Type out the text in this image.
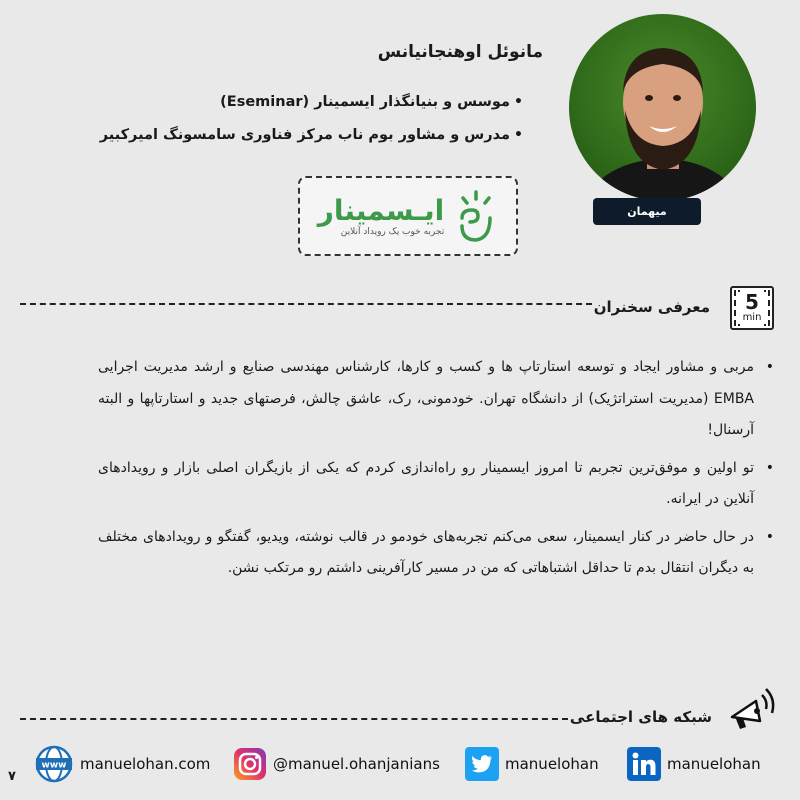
مانوئل اوهنجانیانس
• موسس و بنیانگذار ایسمینار (Eseminar)
• مدرس و مشاور بوم ناب مرکز فناوری سامسونگ امیرکبیر
ایـسمینار
تجربه خوب یک رویداد آنلاین
میهمان
معرفی سخنران 5
min
• مربی و مشاور ایجاد و توسعه استارتاپ ها و کسب و کارها، کارشناس مهندسی صنایع و ارشد مدیریت اجرایی EMBA (مدیریت استراتژیک) از دانشگاه تهران. خودمونی، رک، عاشق چالش، فرصتهای جدید و استارتاپها و البته آرسنال!
• تو اولین و موفق‌ترین تجربم تا امروز ایسمینار رو راه‌اندازی کردم که یکی از بازیگران اصلی بازار و رویدادهای آنلاین در ایرانه.
• در حال حاضر در کنار ایسمینار، سعی می‌کنم تجربه‌های خودمو در قالب نوشته، ویدیو، گفتگو و رویدادهای مختلف به دیگران انتقال بدم تا حداقل اشتباهاتی که من در مسیر کارآفرینی داشتم رو مرتکب نشن.
شبکه های اجتماعی
www manuelohan.com	@manuel.ohanjanians	manuelohan	manuelohan
۷
